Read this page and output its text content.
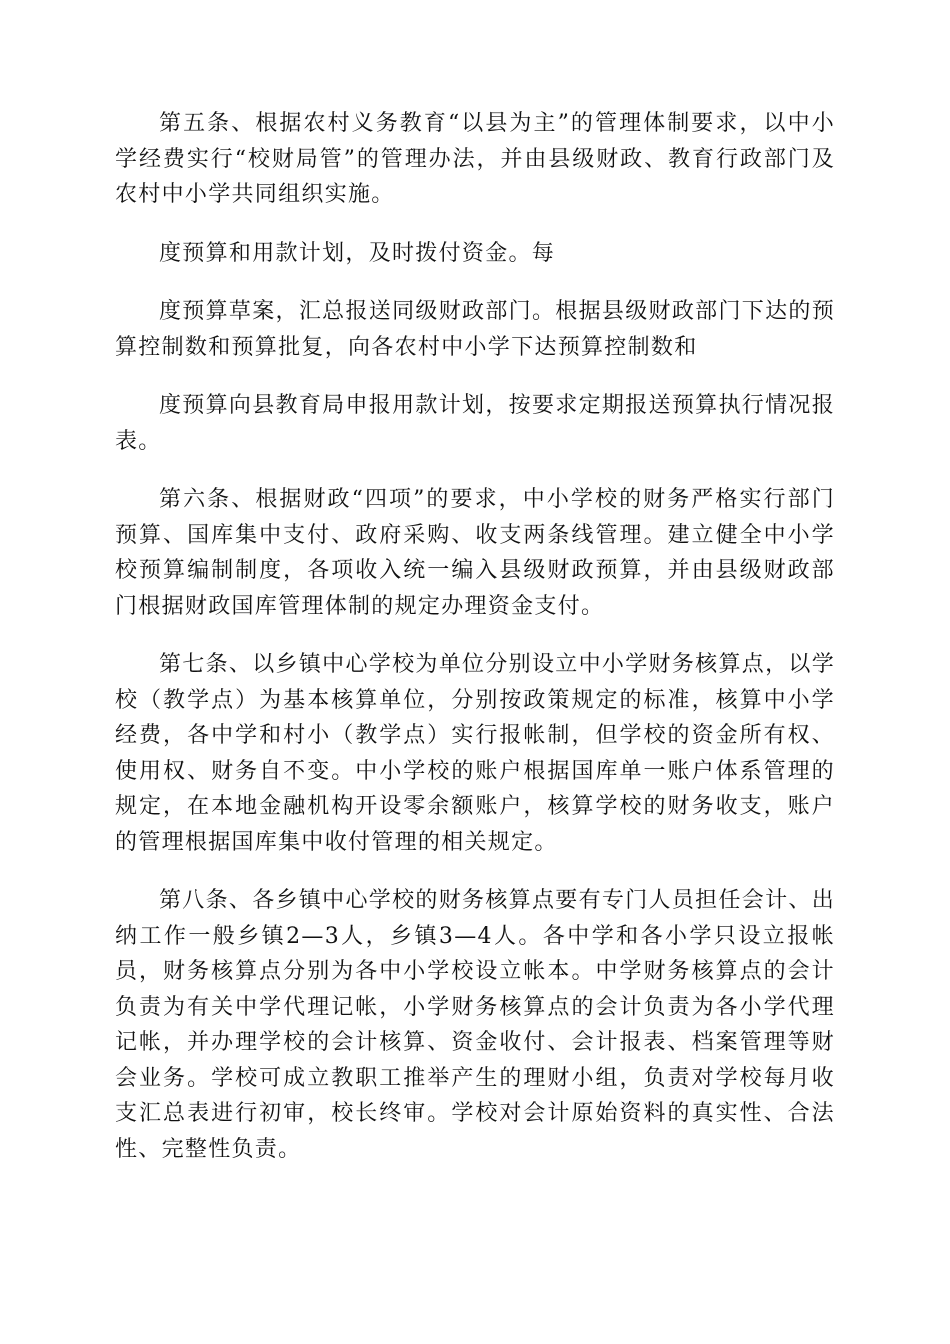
第五条、根据农村义务教育“以县为主”的管理体制要求，以中小学经费实行“校财局管”的管理办法，并由县级财政、教育行政部门及农村中小学共同组织实施。

度预算和用款计划，及时拨付资金。每

度预算草案，汇总报送同级财政部门。根据县级财政部门下达的预算控制数和预算批复，向各农村中小学下达预算控制数和

度预算向县教育局申报用款计划，按要求定期报送预算执行情况报表。

第六条、根据财政“四项”的要求，中小学校的财务严格实行部门预算、国库集中支付、政府采购、收支两条线管理。建立健全中小学校预算编制制度，各项收入统一编入县级财政预算，并由县级财政部门根据财政国库管理体制的规定办理资金支付。

第七条、以乡镇中心学校为单位分别设立中小学财务核算点，以学校（教学点）为基本核算单位，分别按政策规定的标准，核算中小学经费，各中学和村小（教学点）实行报帐制，但学校的资金所有权、使用权、财务自不变。中小学校的账户根据国库单一账户体系管理的规定，在本地金融机构开设零余额账户，核算学校的财务收支，账户的管理根据国库集中收付管理的相关规定。

第八条、各乡镇中心学校的财务核算点要有专门人员担任会计、出纳工作一般乡镇2—3人，乡镇3—4人。各中学和各小学只设立报帐员，财务核算点分别为各中小学校设立帐本。中学财务核算点的会计负责为有关中学代理记帐，小学财务核算点的会计负责为各小学代理记帐，并办理学校的会计核算、资金收付、会计报表、档案管理等财会业务。学校可成立教职工推举产生的理财小组，负责对学校每月收支汇总表进行初审，校长终审。学校对会计原始资料的真实性、合法性、完整性负责。
